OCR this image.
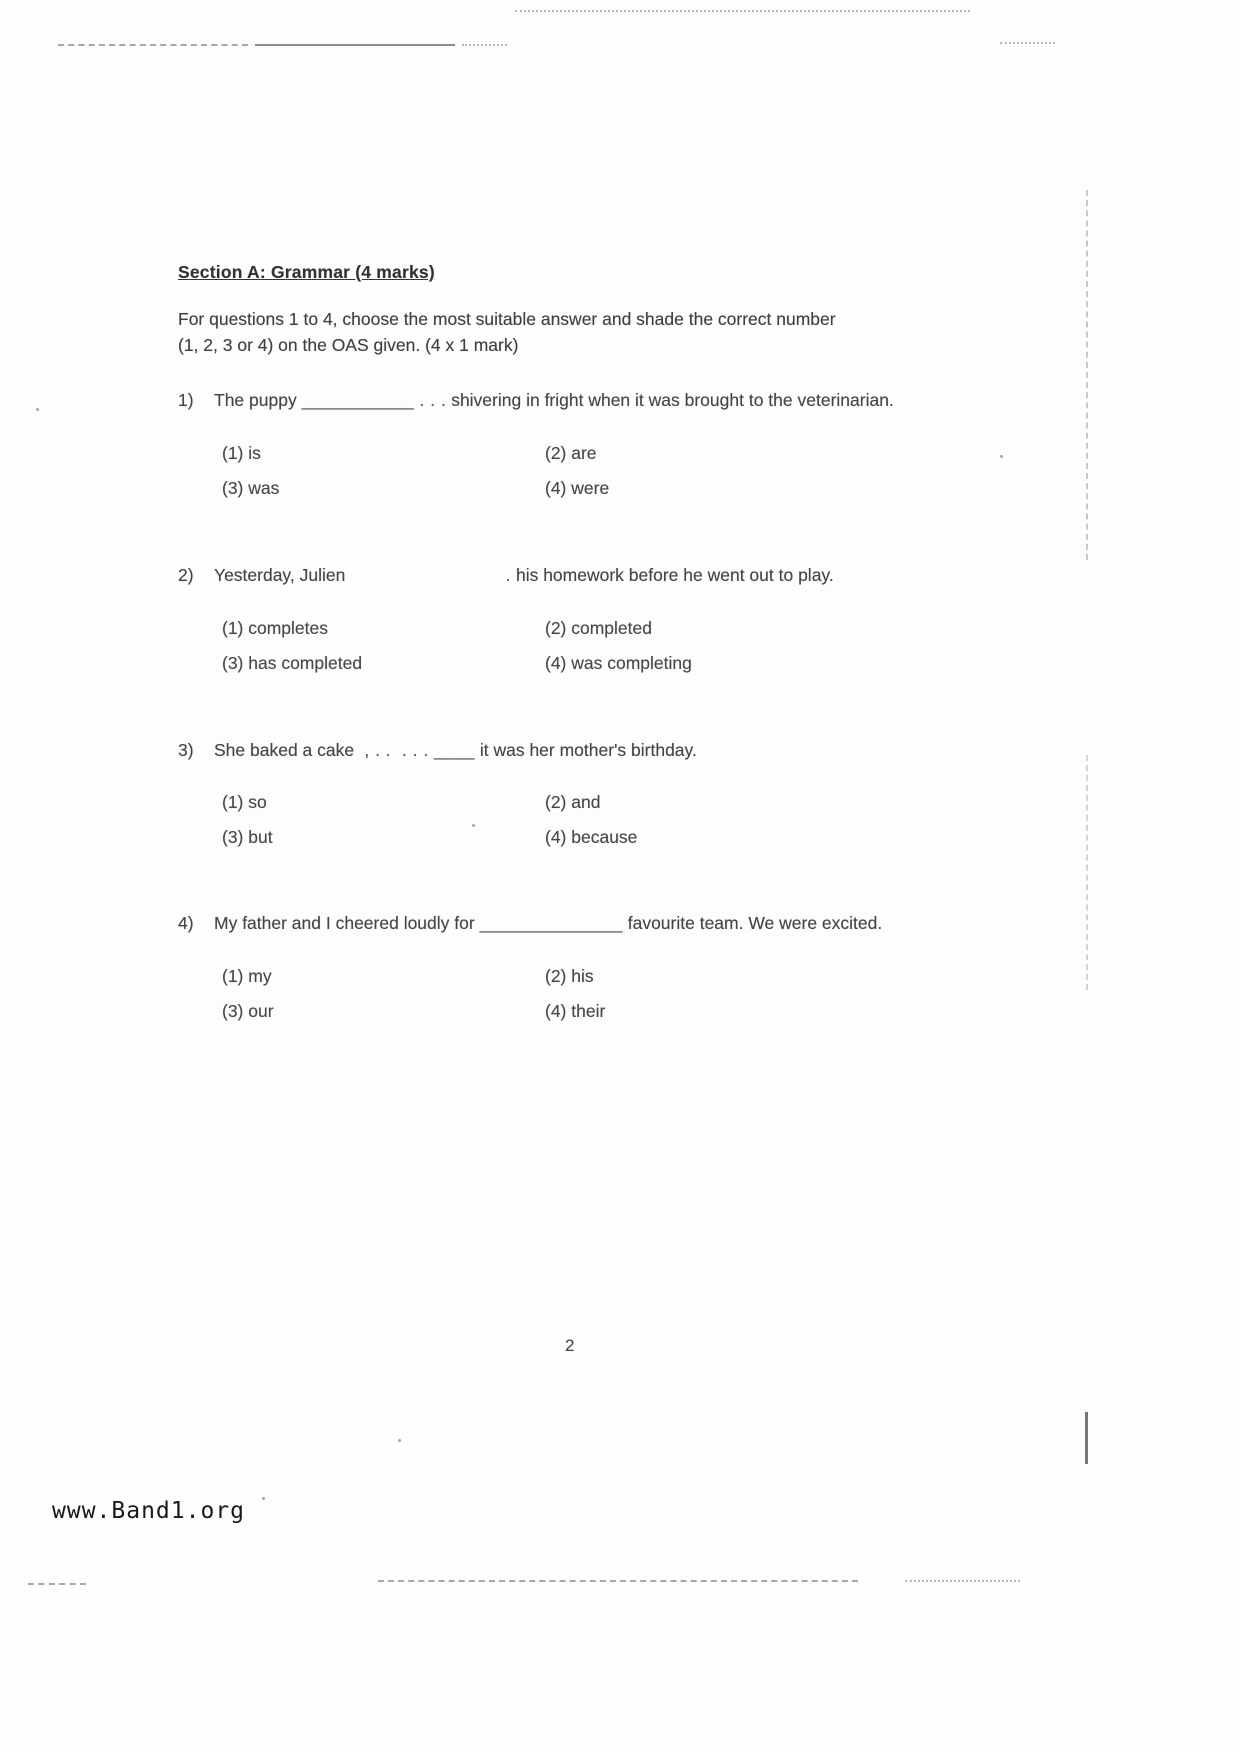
Section A: Grammar (4 marks)
For questions 1 to 4, choose the most suitable answer and shade the correct number
(1, 2, 3 or 4) on the OAS given. (4 x 1 mark)
1)	The puppy ___________ . . . shivering in fright when it was brought to the veterinarian.
(1) is	(2) are
(3) was	(4) were
2)	Yesterday, Julien                              . his homework before he went out to play.
(1) completes	(2) completed
(3) has completed	(4) was completing
3)	She baked a cake  , . .  . . . ____ it was her mother's birthday.
(1) so	(2) and
(3) but	(4) because
4)	My father and I cheered loudly for ______________ favourite team. We were excited.
(1) my	(2) his
(3) our	(4) their
2
www.Band1.org
